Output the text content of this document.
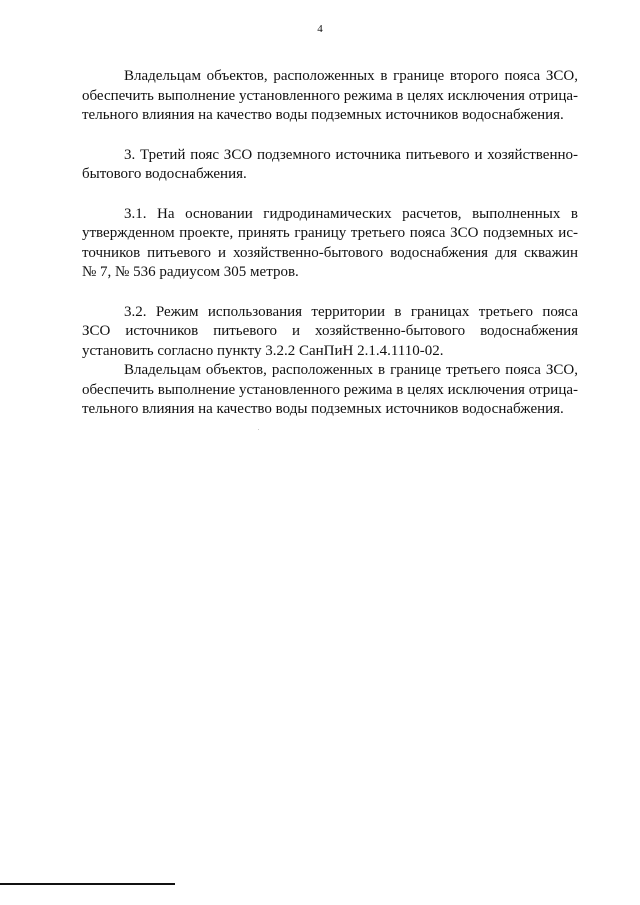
4
Владельцам объектов, расположенных в границе второго пояса ЗСО,
обеспечить выполнение установленного режима в целях исключения отрица-
тельного влияния на качество воды подземных источников водоснабжения.
3. Третий пояс ЗСО подземного источника питьевого и хозяйственно-
бытового водоснабжения.
3.1. На основании гидродинамических расчетов, выполненных в
утвержденном проекте, принять границу третьего пояса ЗСО подземных ис-
точников питьевого и хозяйственно-бытового водоснабжения для скважин
№ 7, № 536 радиусом 305 метров.
3.2. Режим использования территории в границах третьего пояса
ЗСО источников питьевого и хозяйственно-бытового водоснабжения
установить согласно пункту 3.2.2 СанПиН 2.1.4.1110-02.
Владельцам объектов, расположенных в границе третьего пояса ЗСО,
обеспечить выполнение установленного режима в целях исключения отрица-
тельного влияния на качество воды подземных источников водоснабжения.
